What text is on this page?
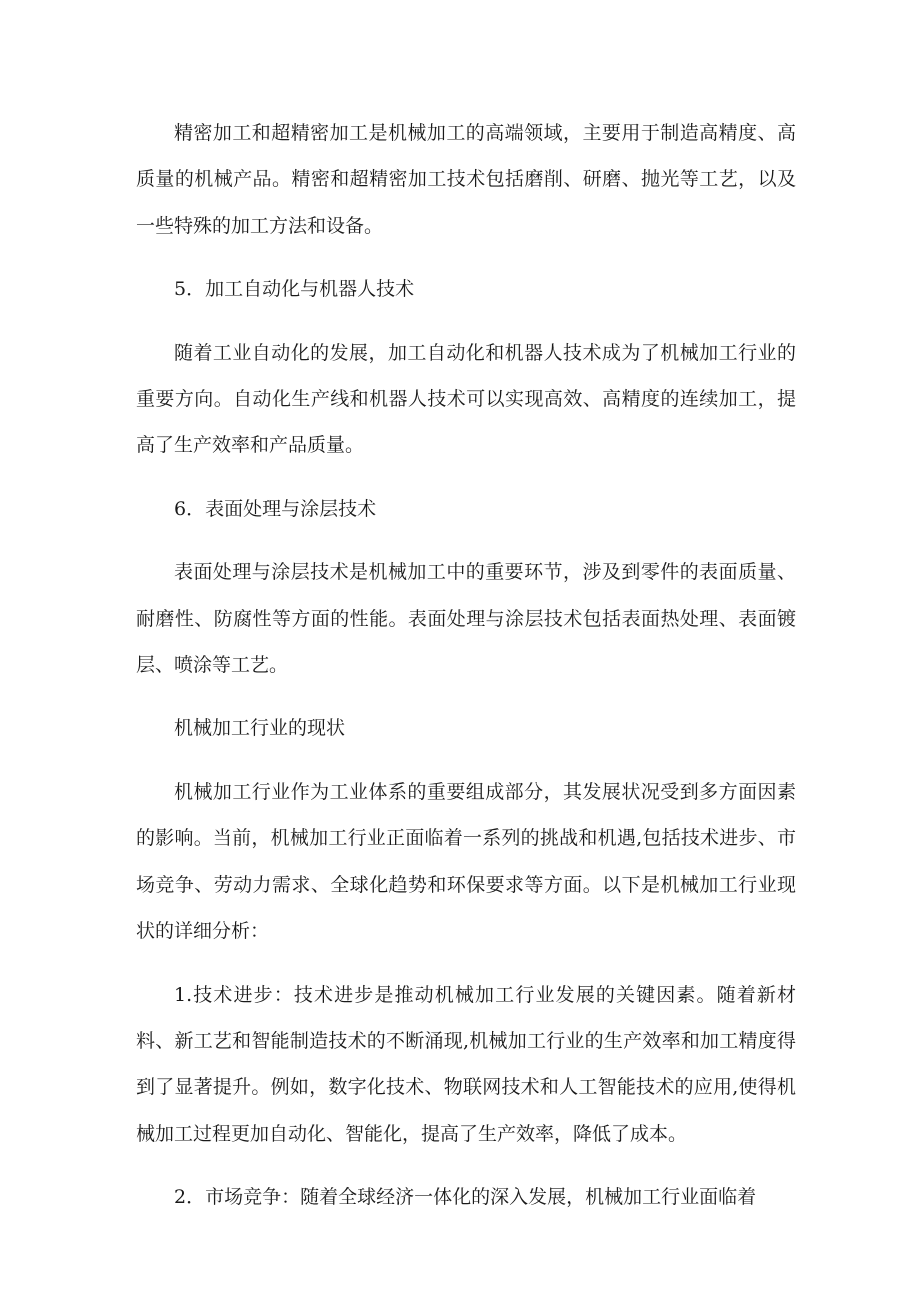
精密加工和超精密加工是机械加工的高端领域，主要用于制造高精度、高质量的机械产品。精密和超精密加工技术包括磨削、研磨、抛光等工艺，以及一些特殊的加工方法和设备。

5．加工自动化与机器人技术

随着工业自动化的发展，加工自动化和机器人技术成为了机械加工行业的重要方向。自动化生产线和机器人技术可以实现高效、高精度的连续加工，提高了生产效率和产品质量。

6．表面处理与涂层技术

表面处理与涂层技术是机械加工中的重要环节，涉及到零件的表面质量、耐磨性、防腐性等方面的性能。表面处理与涂层技术包括表面热处理、表面镀层、喷涂等工艺。

机械加工行业的现状

机械加工行业作为工业体系的重要组成部分，其发展状况受到多方面因素的影响。当前，机械加工行业正面临着一系列的挑战和机遇,包括技术进步、市场竞争、劳动力需求、全球化趋势和环保要求等方面。以下是机械加工行业现状的详细分析：

1.技术进步：技术进步是推动机械加工行业发展的关键因素。随着新材料、新工艺和智能制造技术的不断涌现,机械加工行业的生产效率和加工精度得到了显著提升。例如，数字化技术、物联网技术和人工智能技术的应用,使得机械加工过程更加自动化、智能化，提高了生产效率，降低了成本。

2．市场竞争：随着全球经济一体化的深入发展，机械加工行业面临着
